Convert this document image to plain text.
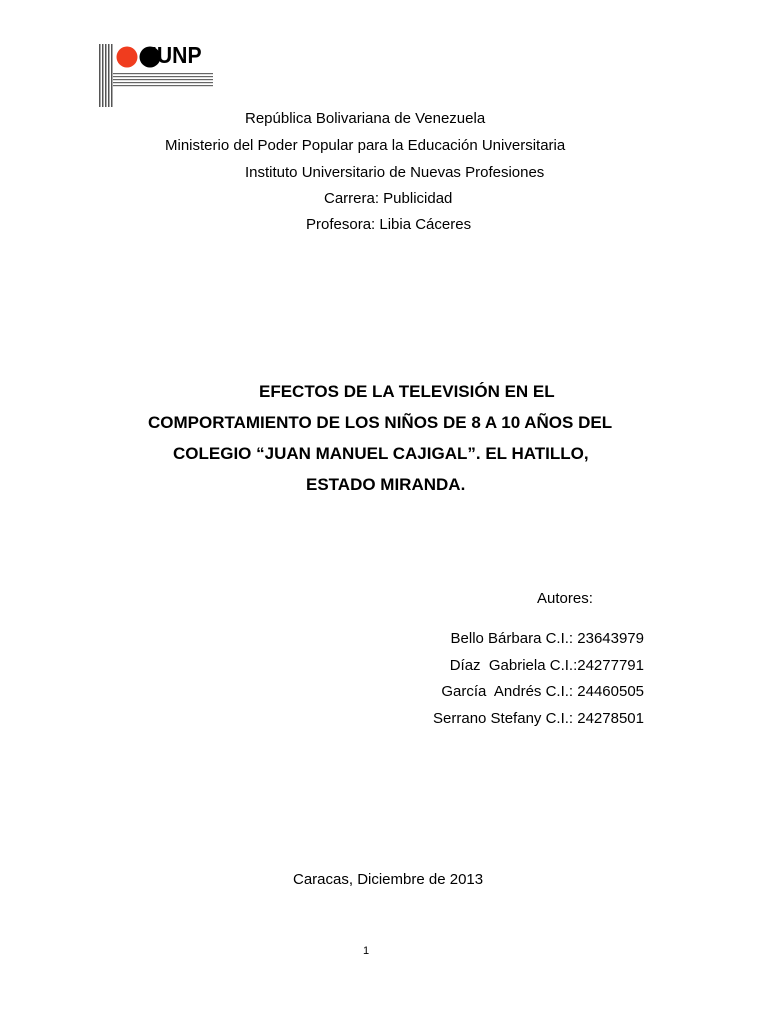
IUNP
República Bolivariana de Venezuela
Ministerio del Poder Popular para la Educación Universitaria
Instituto Universitario de Nuevas Profesiones
Carrera: Publicidad
Profesora: Libia Cáceres
EFECTOS DE LA TELEVISIÓN EN EL
COMPORTAMIENTO DE LOS NIÑOS DE 8 A 10 AÑOS DEL
COLEGIO “JUAN MANUEL CAJIGAL”. EL HATILLO,
ESTADO MIRANDA.
Autores:
Bello Bárbara C.I.: 23643979
Díaz  Gabriela C.I.:24277791
García  Andrés C.I.: 24460505
Serrano Stefany C.I.: 24278501
Caracas, Diciembre de 2013
1
